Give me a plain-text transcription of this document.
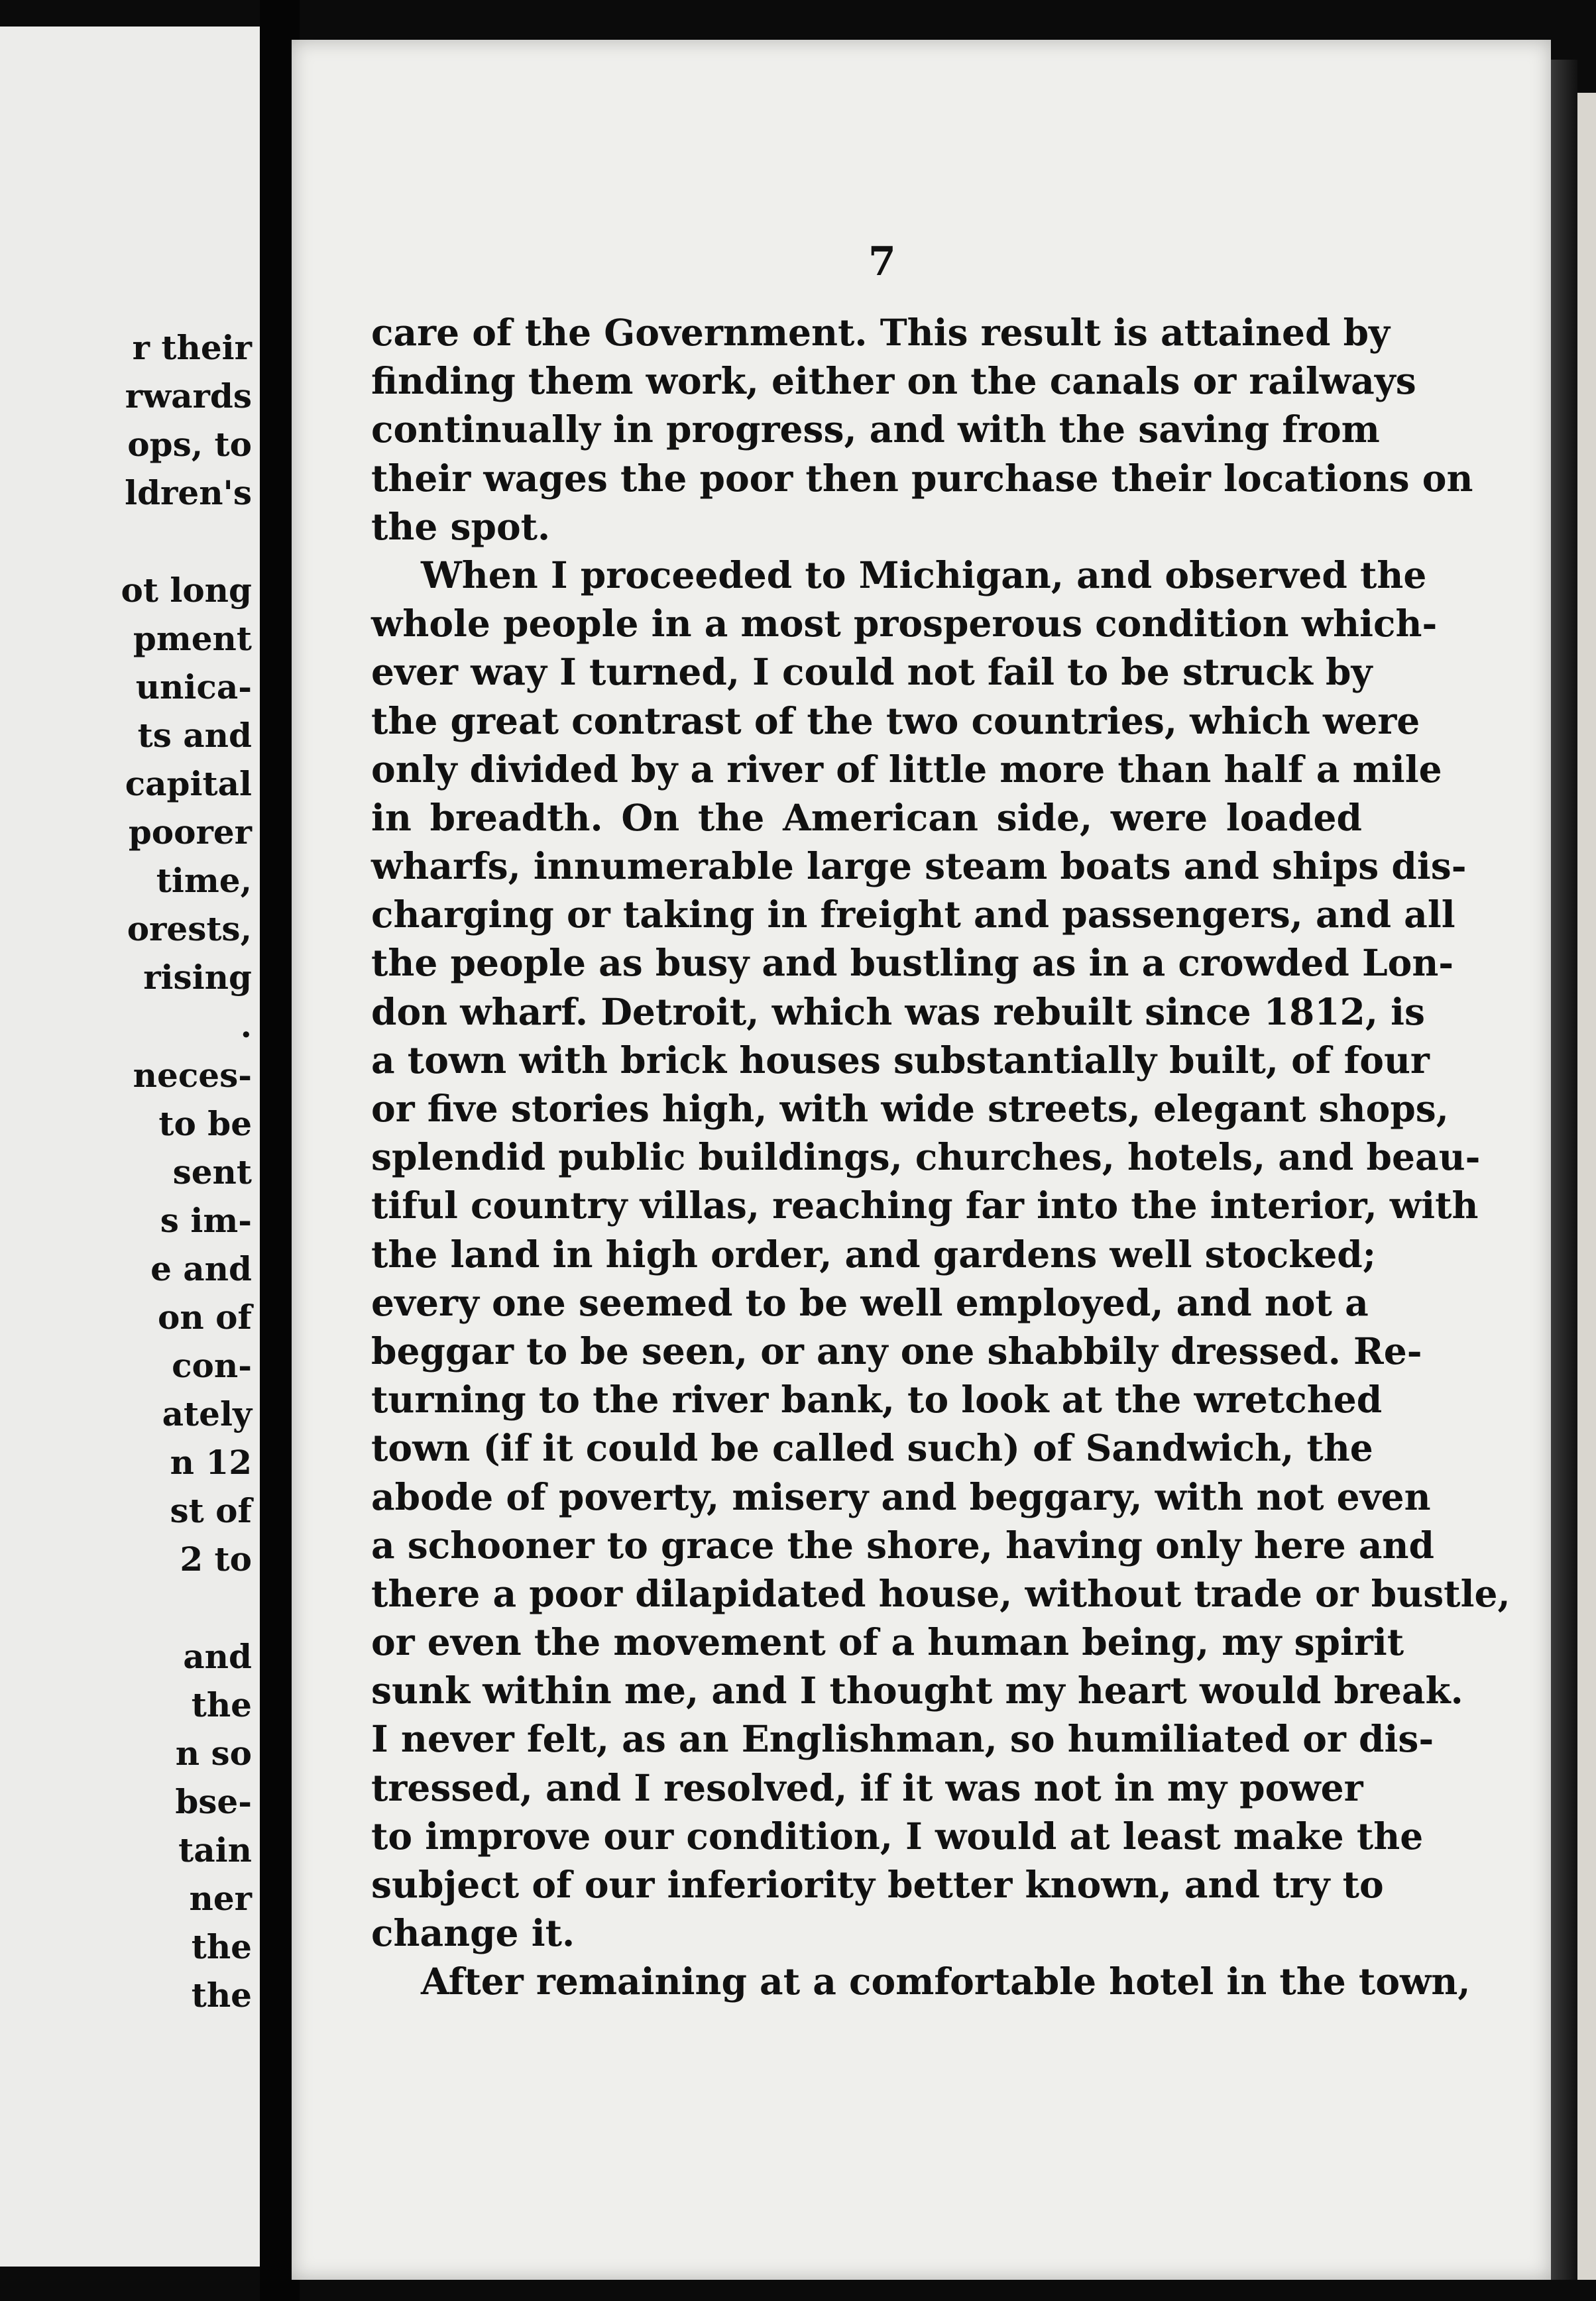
r their
rwards
ops, to
ldren's
ot long
pment
unica-
ts and
capital
poorer
time,
orests,
rising
.
neces-
to be
sent
s im-
e and
on of
con-
ately
n 12
st of
2 to
and
the
n so
bse-
tain
ner
the
the
7
care of the Government. This result is attained by
finding them work, either on the canals or railways
continually in progress, and with the saving from
their wages the poor then purchase their locations on
the spot.
When I proceeded to Michigan, and observed the
whole people in a most prosperous condition which-
ever way I turned, I could not fail to be struck by
the great contrast of the two countries, which were
only divided by a river of little more than half a mile
in breadth. On the American side, were loaded
wharfs, innumerable large steam boats and ships dis-
charging or taking in freight and passengers, and all
the people as busy and bustling as in a crowded Lon-
don wharf. Detroit, which was rebuilt since 1812, is
a town with brick houses substantially built, of four
or five stories high, with wide streets, elegant shops,
splendid public buildings, churches, hotels, and beau-
tiful country villas, reaching far into the interior, with
the land in high order, and gardens well stocked;
every one seemed to be well employed, and not a
beggar to be seen, or any one shabbily dressed. Re-
turning to the river bank, to look at the wretched
town (if it could be called such) of Sandwich, the
abode of poverty, misery and beggary, with not even
a schooner to grace the shore, having only here and
there a poor dilapidated house, without trade or bustle,
or even the movement of a human being, my spirit
sunk within me, and I thought my heart would break.
I never felt, as an Englishman, so humiliated or dis-
tressed, and I resolved, if it was not in my power
to improve our condition, I would at least make the
subject of our inferiority better known, and try to
change it.
After remaining at a comfortable hotel in the town,
